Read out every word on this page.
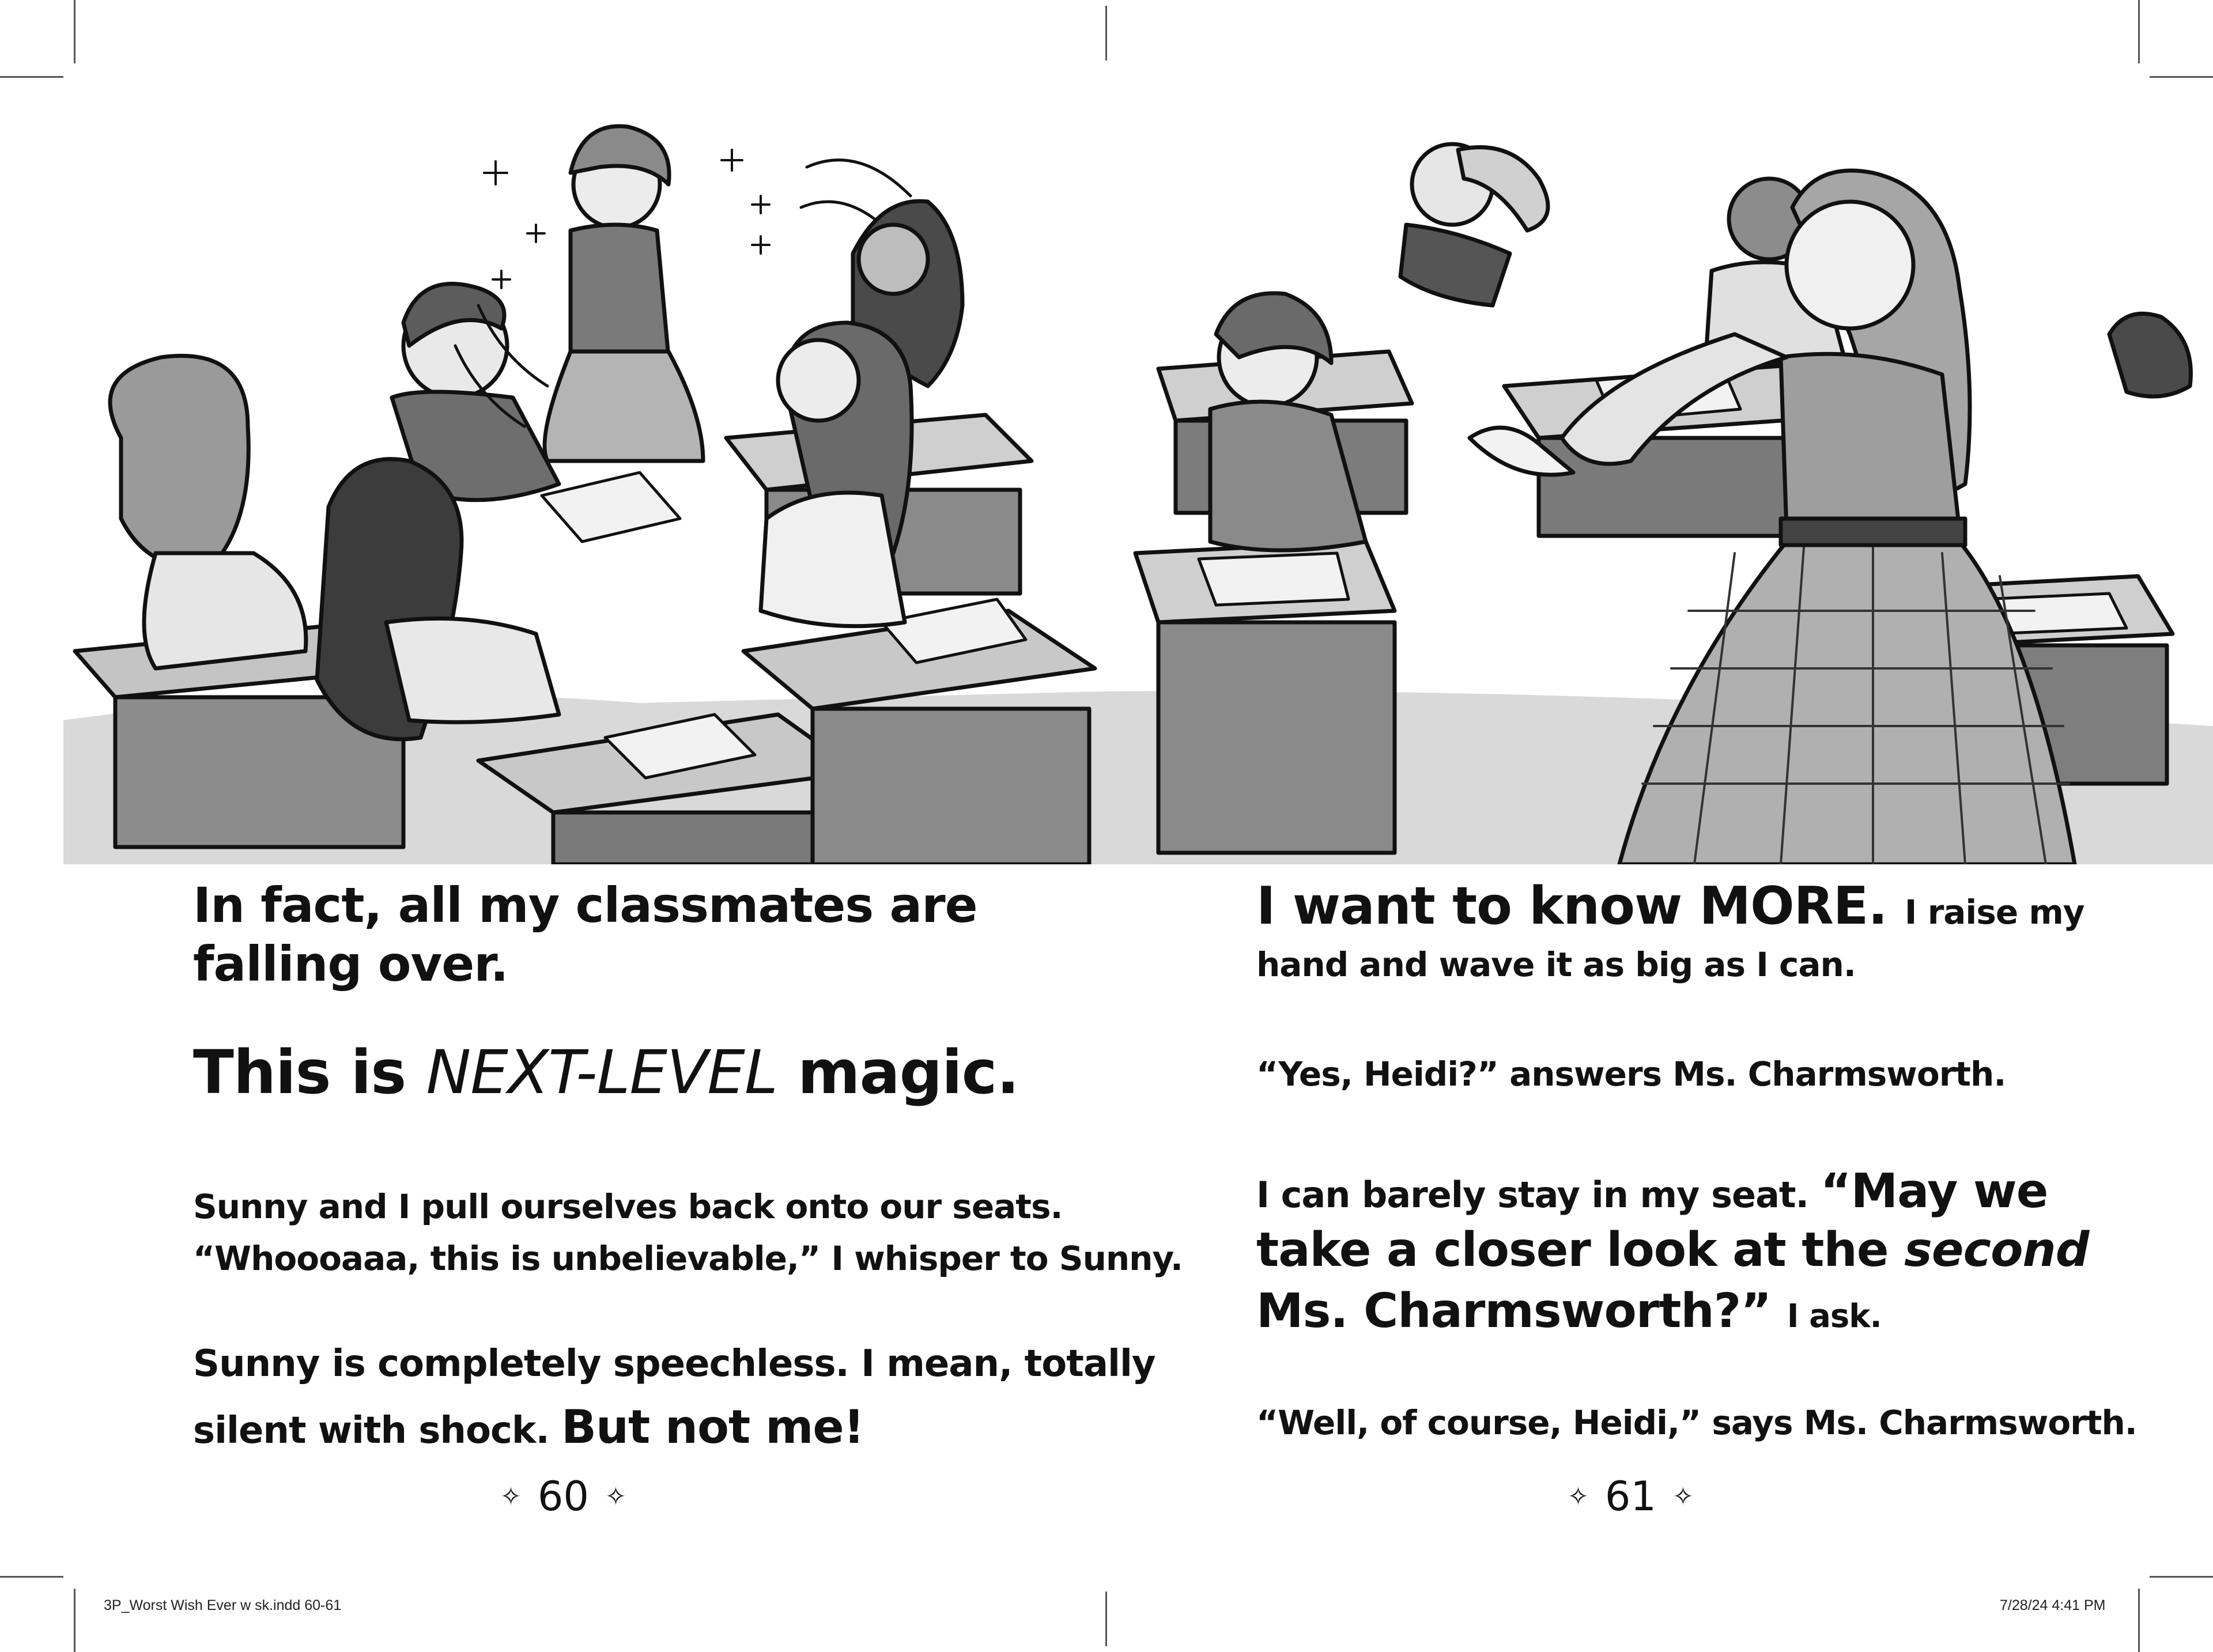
In fact, all my classmates are
falling over.
This is NEXT-LEVEL magic.
Sunny and I pull ourselves back onto our seats.
“Whoooaaa, this is unbelievable,” I whisper to Sunny.
Sunny is completely speechless. I mean, totally
silent with shock. But not me!
✧ 60 ✧
I want to know MORE. I raise my
hand and wave it as big as I can.
“Yes, Heidi?” answers Ms. Charmsworth.
I can barely stay in my seat. “May we
take a closer look at the second
Ms. Charmsworth?” I ask.
“Well, of course, Heidi,” says Ms. Charmsworth.
✧ 61 ✧
3P_Worst Wish Ever w sk.indd 60-61	7/28/24 4:41 PM
